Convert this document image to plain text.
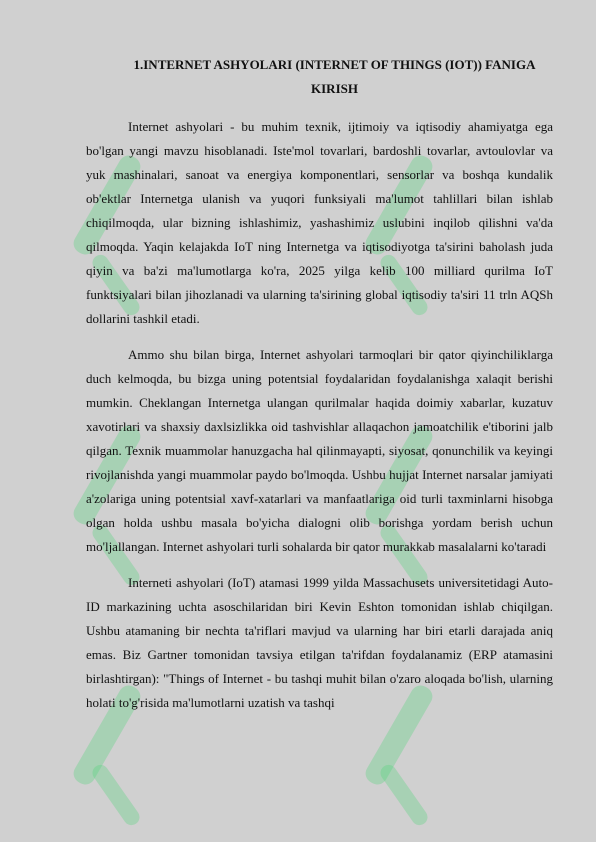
1.INTERNET ASHYOLARI (INTERNET OF THINGS (IOT)) FANIGA KIRISH

Internet ashyolari - bu muhim texnik, ijtimoiy va iqtisodiy ahamiyatga ega bo'lgan yangi mavzu hisoblanadi. Iste'mol tovarlari, bardoshli tovarlar, avtoulovlar va yuk mashinalari, sanoat va energiya komponentlari, sensorlar va boshqa kundalik ob'ektlar Internetga ulanish va yuqori funksiyali ma'lumot tahlillari bilan ishlab chiqilmoqda, ular bizning ishlashimiz, yashashimiz uslubini inqilob qilishni va'da qilmoqda. Yaqin kelajakda IoT ning Internetga va iqtisodiyotga ta'sirini baholash juda qiyin va ba'zi ma'lumotlarga ko'ra, 2025 yilga kelib 100 milliard qurilma IoT funktsiyalari bilan jihozlanadi va ularning ta'sirining global iqtisodiy ta'siri 11 trln AQSh dollarini tashkil etadi.

Ammo shu bilan birga, Internet ashyolari tarmoqlari bir qator qiyinchiliklarga duch kelmoqda, bu bizga uning potentsial foydalaridan foydalanishga xalaqit berishi mumkin. Cheklangan Internetga ulangan qurilmalar haqida doimiy xabarlar, kuzatuv xavotirlari va shaxsiy daxlsizlikka oid tashvishlar allaqachon jamoatchilik e'tiborini jalb qilgan. Texnik muammolar hanuzgacha hal qilinmayapti, siyosat, qonunchilik va keyingi rivojlanishda yangi muammolar paydo bo'lmoqda. Ushbu hujjat Internet narsalar jamiyati a'zolariga uning potentsial xavf-xatarlari va manfaatlariga oid turli taxminlarni hisobga olgan holda ushbu masala bo'yicha dialogni olib borishga yordam berish uchun mo'ljallangan. Internet ashyolari turli sohalarda bir qator murakkab masalalarni ko'taradi

Interneti ashyolari (IoT) atamasi 1999 yilda Massachusets universitetidagi Auto-ID markazining uchta asoschilaridan biri Kevin Eshton tomonidan ishlab chiqilgan. Ushbu atamaning bir nechta ta'riflari mavjud va ularning har biri etarli darajada aniq emas. Biz Gartner tomonidan tavsiya etilgan ta'rifdan foydalanamiz (ERP atamasini birlashtirgan): "Things of Internet - bu tashqi muhit bilan o'zaro aloqada bo'lish, ularning holati to'g'risida ma'lumotlarni uzatish va tashqi
